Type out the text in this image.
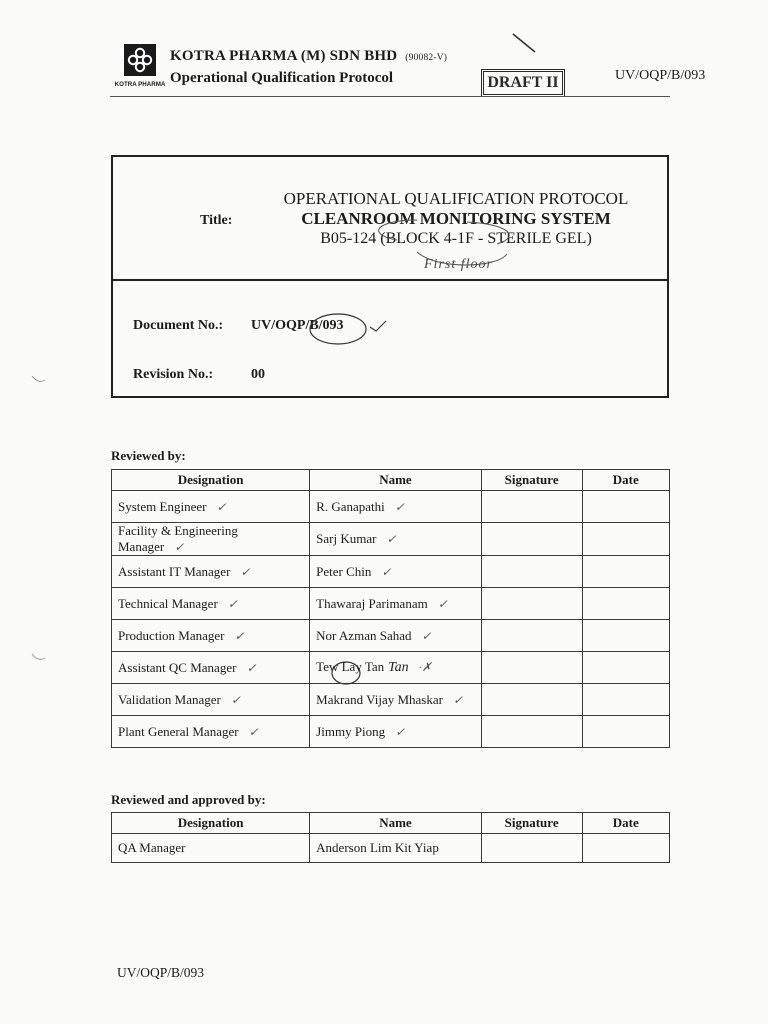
KOTRA PHARMA
KOTRA PHARMA (M) SDN BHD (90082-V)
Operational Qualification Protocol	DRAFT II	UV/OQP/B/093
Title:
OPERATIONAL QUALIFICATION PROTOCOL
CLEANROOM MONITORING SYSTEM
B05-124 (BLOCK 4-1F - STERILE GEL)
First floor
Document No.: UV/OQP/B/093
Revision No.:	00
Reviewed by:
Designation	Name	Signature	Date
System Engineer ✓	R. Ganapathi ✓		
Facility & Engineering Manager ✓	Sarj Kumar ✓		
Assistant IT Manager ✓	Peter Chin ✓		
Technical Manager ✓	Thawaraj Parimanam ✓		
Production Manager ✓	Nor Azman Sahad ✓		
Assistant QC Manager ✓	Tew Lay Tan Tan ·✗		
Validation Manager ✓	Makrand Vijay Mhaskar ✓		
Plant General Manager ✓	Jimmy Piong ✓		
Reviewed and approved by:
Designation	Name	Signature	Date
QA Manager	Anderson Lim Kit Yiap		
UV/OQP/B/093
